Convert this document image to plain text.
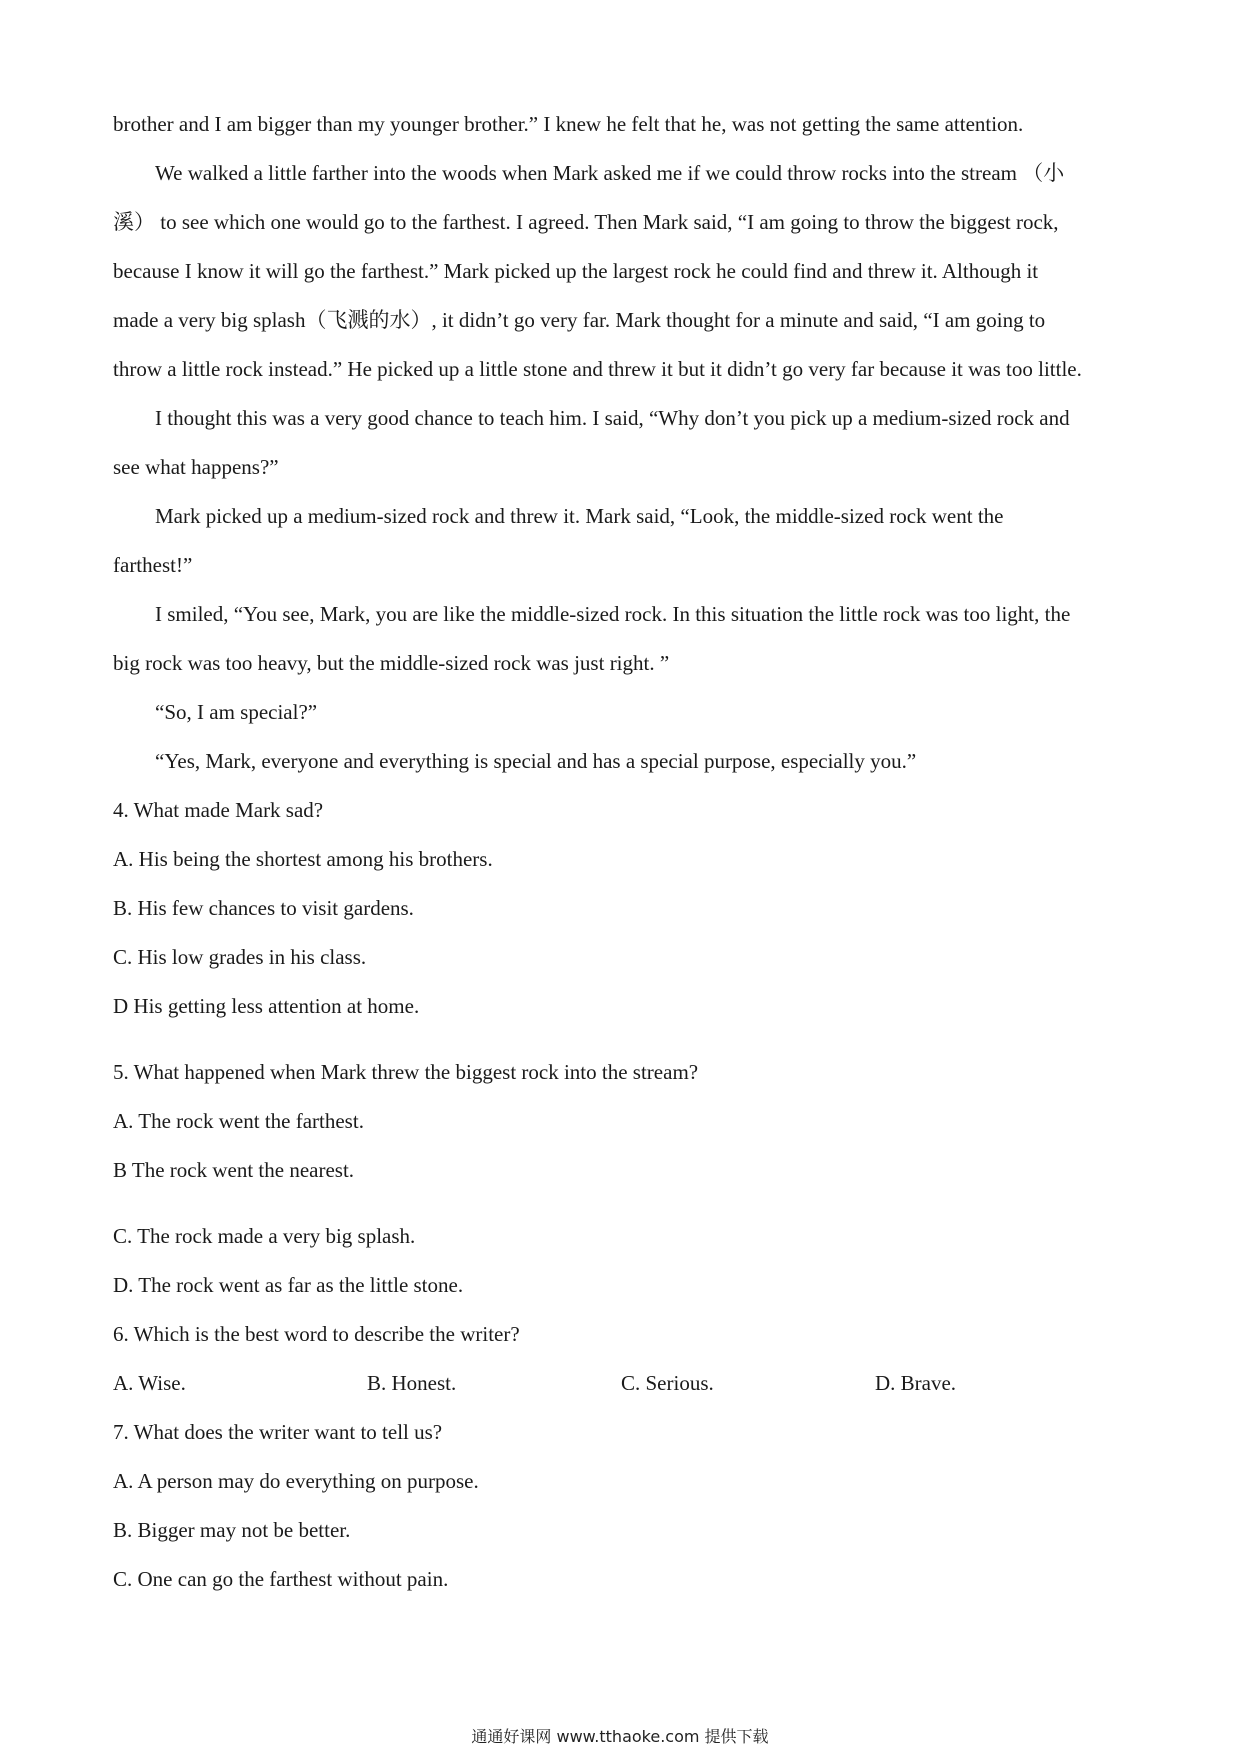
brother and I am bigger than my younger brother.” I knew he felt that he, was not getting the same attention.

We walked a little farther into the woods when Mark asked me if we could throw rocks into the stream （小

溪） to see which one would go to the farthest. I agreed. Then Mark said, “I am going to throw the biggest rock,

because I know it will go the farthest.” Mark picked up the largest rock he could find and threw it. Although it

made a very big splash（飞溅的水）, it didn’t go very far. Mark thought for a minute and said, “I am going to

throw a little rock instead.” He picked up a little stone and threw it but it didn’t go very far because it was too little.

I thought this was a very good chance to teach him. I said, “Why don’t you pick up a medium-sized rock and

see what happens?”

Mark picked up a medium-sized rock and threw it. Mark said, “Look, the middle-sized rock went the

farthest!”

I smiled, “You see, Mark, you are like the middle-sized rock. In this situation the little rock was too light, the

big rock was too heavy, but the middle-sized rock was just right. ”

“So, I am special?”

“Yes, Mark, everyone and everything is special and has a special purpose, especially you.”

4. What made Mark sad?

A. His being the shortest among his brothers.

B. His few chances to visit gardens.

C. His low grades in his class.

D His getting less attention at home.

5. What happened when Mark threw the biggest rock into the stream?

A. The rock went the farthest.

B The rock went the nearest.

C. The rock made a very big splash.

D. The rock went as far as the little stone.

6. Which is the best word to describe the writer?

A. Wise.	B. Honest.	C. Serious.	D. Brave.

7. What does the writer want to tell us?

A. A person may do everything on purpose.

B. Bigger may not be better.

C. One can go the farthest without pain.

通通好课网 www.tthaoke.com 提供下载
